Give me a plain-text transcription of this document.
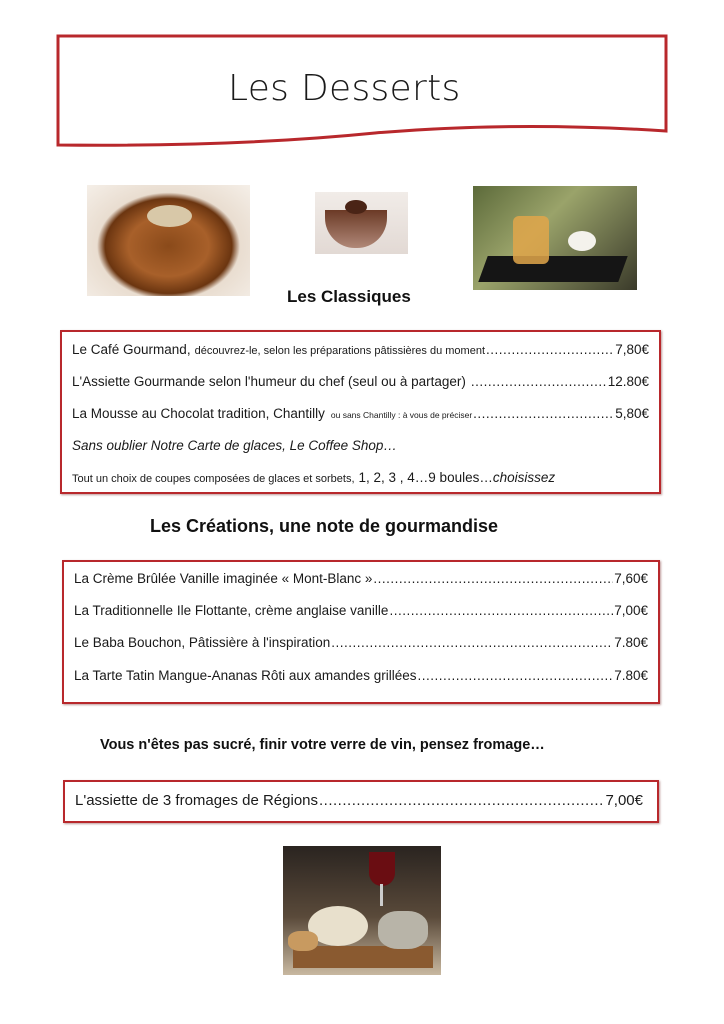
Les Desserts
Les Classiques
Le Café Gourmand, découvrez-le, selon les préparations pâtissières du moment .....	7,80€
L'Assiette Gourmande selon l'humeur du chef (seul ou à partager) .....	12.80€
La Mousse au Chocolat tradition, Chantilly ou sans Chantilly : à vous de préciser .....	5,80€
Sans oublier Notre Carte de glaces, Le Coffee Shop…
Tout un choix de coupes composées de glaces et sorbets, 1, 2, 3 , 4…9 boules… choisissez
Les Créations, une note de gourmandise
La Crème Brûlée Vanille imaginée « Mont-Blanc » .....	7,60€
La Traditionnelle Ile Flottante, crème anglaise vanille .....	7,00€
Le Baba Bouchon, Pâtissière à l'inspiration .....	7.80€
La Tarte Tatin Mangue-Ananas Rôti aux amandes grillées .....	7.80€
Vous n'êtes pas sucré, finir votre verre de vin, pensez fromage…
L'assiette de 3 fromages de Régions .....	7,00€
